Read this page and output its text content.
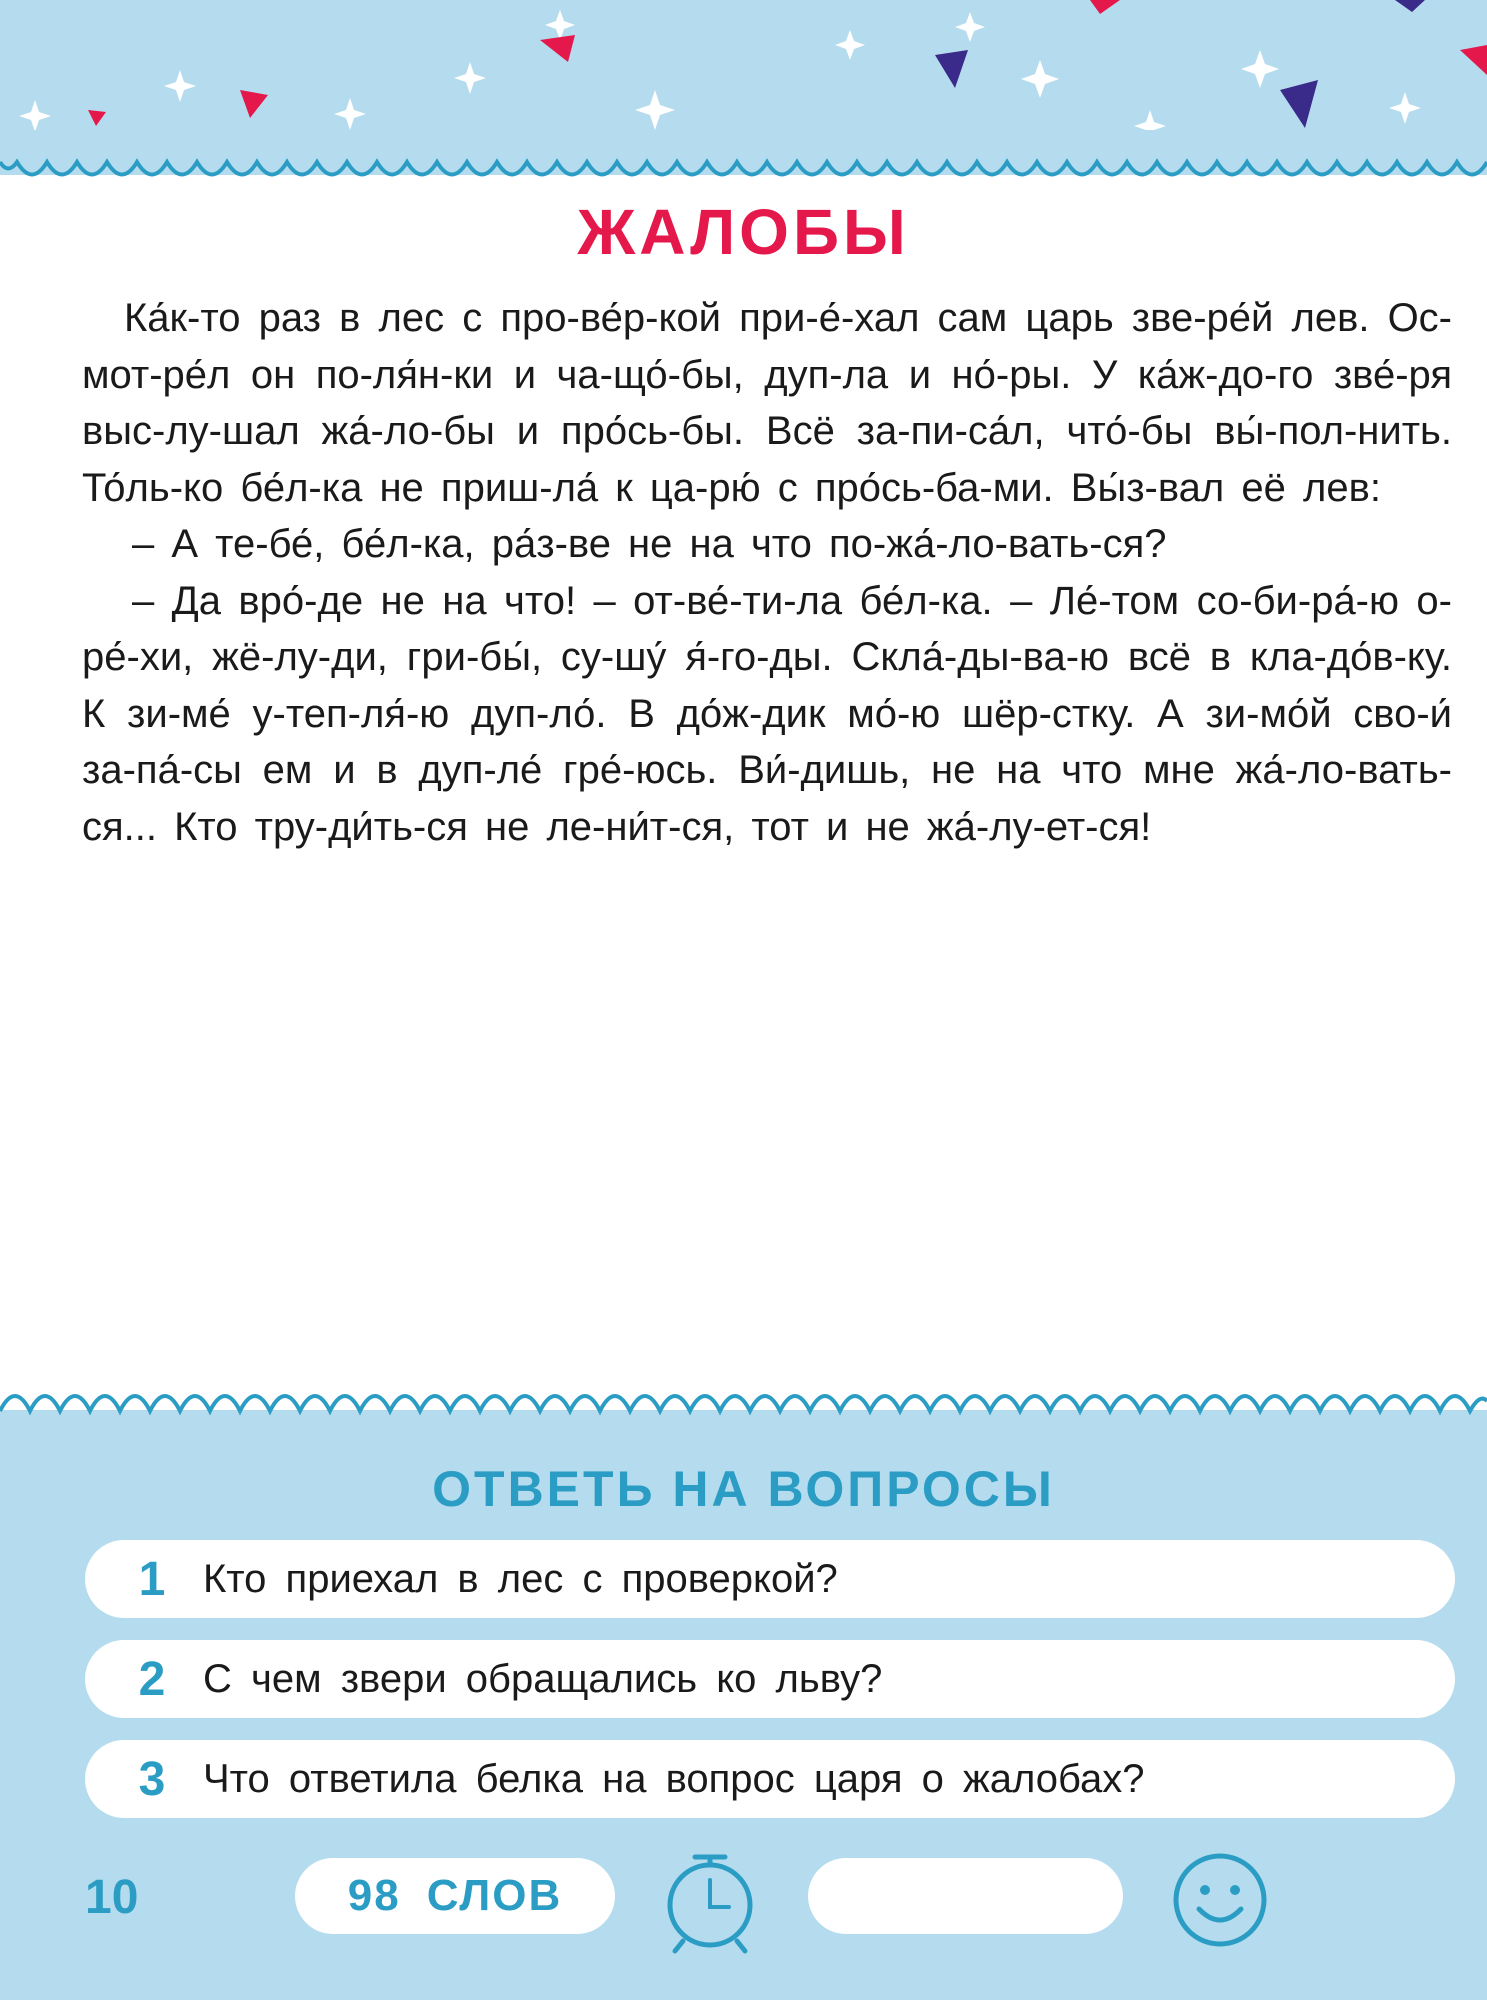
ЖАЛОБЫ

Ка́к-то раз в лес с про-ве́р-кой при-е́-хал сам царь зве-ре́й лев. Ос-мот-ре́л он по-ля́н-ки и ча-що́-бы, дуп-ла и но́-ры. У ка́ж-до-го зве́-ря выс-лу-шал жа́-ло-бы и про́сь-бы. Всё за-пи-са́л, что́-бы вы́-пол-нить. То́ль-ко бе́л-ка не приш-ла́ к ца-рю́ с про́сь-ба-ми. Вы́з-вал её лев:

– А те-бе́, бе́л-ка, ра́з-ве не на что по-жа́-ло-вать-ся?

– Да вро́-де не на что! – от-ве́-ти-ла бе́л-ка. – Ле́-том со-би-ра́-ю о-ре́-хи, жё-лу-ди, гри-бы́, су-шу́ я́-го-ды. Скла́-ды-ва-ю всё в кла-до́в-ку. К зи-ме́ у-теп-ля́-ю дуп-ло́. В до́ж-дик мо́-ю шёр-стку. А зи-мо́й сво-и́ за-па́-сы ем и в дуп-ле́ гре́-юсь. Ви́-дишь, не на что мне жа́-ло-вать-ся... Кто тру-ди́ть-ся не ле-ни́т-ся, тот и не жа́-лу-ет-ся!

ОТВЕТЬ НА ВОПРОСЫ
1 Кто приехал в лес с проверкой?
2 С чем звери обращались ко льву?
3 Что ответила белка на вопрос царя о жалобах?
10	98 СЛОВ
